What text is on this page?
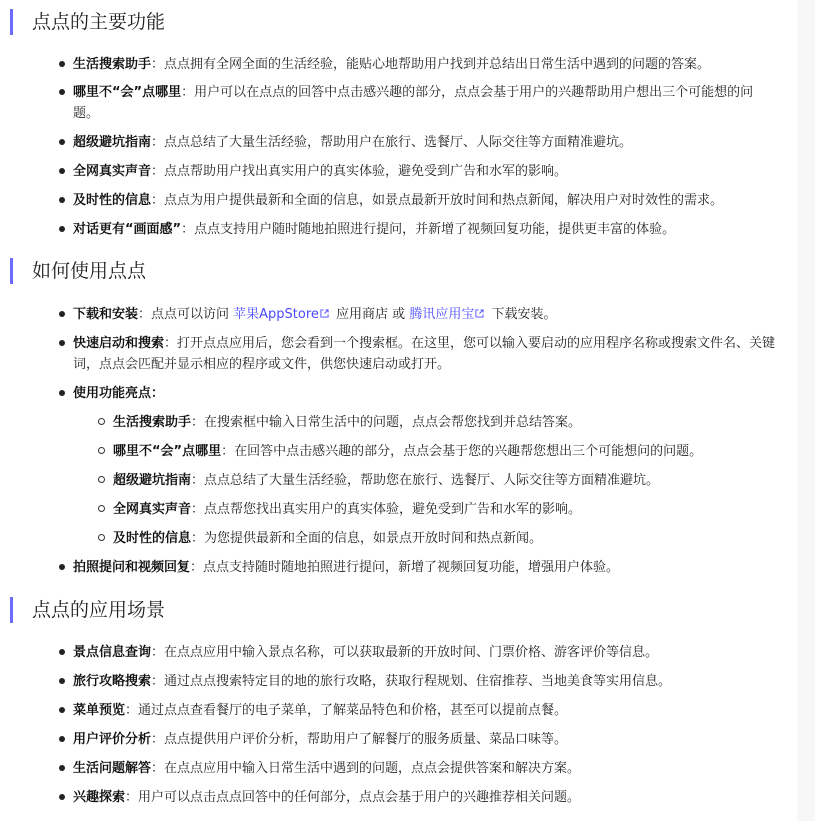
点点的主要功能
生活搜索助手：点点拥有全网全面的生活经验，能贴心地帮助用户找到并总结出日常生活中遇到的问题的答案。
哪里不“会”点哪里：用户可以在点点的回答中点击感兴趣的部分，点点会基于用户的兴趣帮助用户想出三个可能想的问题。
超级避坑指南：点点总结了大量生活经验，帮助用户在旅行、选餐厅、人际交往等方面精准避坑。
全网真实声音：点点帮助用户找出真实用户的真实体验，避免受到广告和水军的影响。
及时性的信息：点点为用户提供最新和全面的信息，如景点最新开放时间和热点新闻，解决用户对时效性的需求。
对话更有“画面感”：点点支持用户随时随地拍照进行提问，并新增了视频回复功能，提供更丰富的体验。
如何使用点点
下载和安装：点点可以访问 苹果AppStore 应用商店 或 腾讯应用宝 下载安装。
快速启动和搜索：打开点点应用后，您会看到一个搜索框。在这里，您可以输入要启动的应用程序名称或搜索文件名、关键词，点点会匹配并显示相应的程序或文件，供您快速启动或打开。
使用功能亮点：
生活搜索助手：在搜索框中输入日常生活中的问题，点点会帮您找到并总结答案。
哪里不“会”点哪里：在回答中点击感兴趣的部分，点点会基于您的兴趣帮您想出三个可能想问的问题。
超级避坑指南：点点总结了大量生活经验，帮助您在旅行、选餐厅、人际交往等方面精准避坑。
全网真实声音：点点帮您找出真实用户的真实体验，避免受到广告和水军的影响。
及时性的信息：为您提供最新和全面的信息，如景点开放时间和热点新闻。
拍照提问和视频回复：点点支持随时随地拍照进行提问，新增了视频回复功能，增强用户体验。
点点的应用场景
景点信息查询：在点点应用中输入景点名称，可以获取最新的开放时间、门票价格、游客评价等信息。
旅行攻略搜索：通过点点搜索特定目的地的旅行攻略，获取行程规划、住宿推荐、当地美食等实用信息。
菜单预览：通过点点查看餐厅的电子菜单，了解菜品特色和价格，甚至可以提前点餐。
用户评价分析：点点提供用户评价分析，帮助用户了解餐厅的服务质量、菜品口味等。
生活问题解答：在点点应用中输入日常生活中遇到的问题，点点会提供答案和解决方案。
兴趣探索：用户可以点击点点回答中的任何部分，点点会基于用户的兴趣推荐相关问题。
